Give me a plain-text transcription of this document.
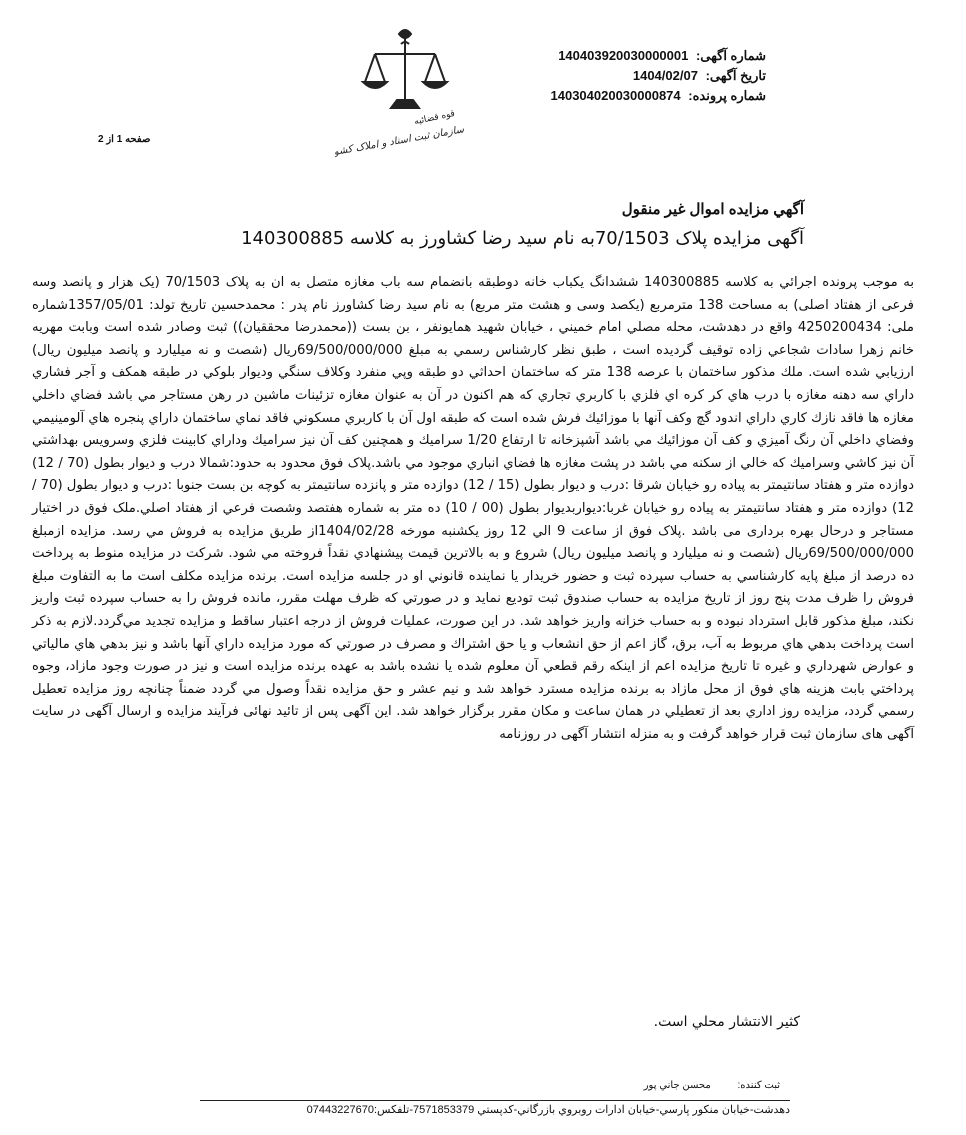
شماره آگهی: 140403920030000001
تاریخ آگهی: 1404/02/07
شماره پرونده: 140304020030000874
قوه قضائیه
سازمان ثبت اسناد و املاک کشور
صفحه 1 از 2
آگهي مزايده اموال غير منقول
آگهی مزایده پلاک 70/1503به نام سید رضا کشاورز به کلاسه 140300885

به موجب پرونده اجرائي به كلاسه 140300885 ششدانگ يكباب خانه دوطبقه بانضمام سه باب مغازه متصل به ان به پلاک 70/1503 (یک هزار و پانصد وسه فرعی از هفتاد اصلی) به مساحت 138 مترمربع (یکصد وسی و هشت متر مربع) به نام سید رضا کشاورز نام پدر : محمدحسین تاریخ تولد: 1357/05/01شماره ملی: 4250200434 واقع در دهدشت، محله مصلي امام خميني ، خيابان شهيد همايونفر ، بن بست ((محمدرضا محققيان)) ثبت وصادر شده است وبابت مهريه خانم زهرا سادات شجاعي زاده توقيف گرديده است ، طبق نظر كارشناس رسمي به مبلغ 69/500/000/000ريال (شصت و نه ميليارد و پانصد ميليون ريال) ارزيابي شده است. ملك مذكور ساختمان با عرصه 138 متر كه ساختمان احداثي دو طبقه وپي منفرد وكلاف سنگي وديوار بلوكي در طبقه همكف و آجر فشاري داراي سه دهنه مغازه با درب هاي كر كره اي فلزي با كاربري تجاري كه هم اكنون در آن به عنوان مغازه تزئينات ماشين در رهن مستاجر مي باشد فضاي داخلي مغازه ها فاقد نازك كاري داراي اندود گچ وكف آنها با موزائيك فرش شده است كه طبقه اول آن با كاربري مسكوني فاقد نماي ساختمان داراي پنجره هاي آلومينيمي وفضاي داخلي آن رنگ آميزي و كف آن موزائيك مي باشد آشپزخانه تا ارتفاع 1/20 سراميك و همچنين كف آن نيز سراميك وداراي كابينت فلزي وسرويس بهداشتي آن نيز كاشي وسراميك كه خالي از سكنه مي باشد در پشت مغازه ها فضاي انباري موجود مي باشد.پلاک فوق محدود به حدود:شمالا درب و ديوار بطول (70 / 12) دوازده متر و هفتاد سانتيمتر به پياده رو خيابان شرقا :درب و ديوار بطول (15 / 12) دوازده متر و پانزده سانتيمتر به كوچه بن بست جنوبا :درب و ديوار بطول (70 / 12) دوازده متر و هفتاد سانتيمتر به پياده رو خيابان غربا:ديواربديوار بطول (00 / 10) ده متر به شماره هفتصد وشصت فرعي از هفتاد اصلي.ملک فوق در اختیار مستاجر و درحال بهره برداری می باشد .پلاک فوق از ساعت 9 الي 12 روز يكشنبه مورخه 1404/02/28از طريق مزايده به فروش مي رسد. مزایده ازمبلغ 69/500/000/000ريال (شصت و نه ميليارد و پانصد ميليون ريال) شروع و به بالاترين قيمت پيشنهادي نقداً فروخته مي شود. شركت در مزايده منوط به پرداخت ده درصد از مبلغ پايه كارشناسي به حساب سپرده ثبت و حضور خريدار يا نماينده قانوني او در جلسه مزايده است. برنده مزايده مكلف است ما به التفاوت مبلغ فروش را ظرف مدت پنج روز از تاريخ مزايده به حساب صندوق ثبت توديع نمايد و در صورتي كه ظرف مهلت مقرر، مانده فروش را به حساب سپرده ثبت واريز نكند، مبلغ مذكور قابل استرداد نبوده و به حساب خزانه واريز خواهد شد. در اين صورت، عمليات فروش از درجه اعتبار ساقط و مزايده تجديد مي‌گردد.لازم به ذكر است پرداخت بدهي هاي مربوط به آب، برق، گاز اعم از حق انشعاب و يا حق اشتراك و مصرف در صورتي كه مورد مزايده داراي آنها باشد و نيز بدهي هاي مالياتي و عوارض شهرداري و غيره تا تاريخ مزايده اعم از اينكه رقم قطعي آن معلوم شده يا نشده باشد به عهده برنده مزايده است و نيز در صورت وجود مازاد، وجوه پرداختي بابت هزينه هاي فوق از محل مازاد به برنده مزايده مسترد خواهد شد و نيم عشر و حق مزايده نقداً وصول مي گردد ضمناً چنانچه روز مزايده تعطيل رسمي گردد، مزايده روز اداري بعد از تعطيلي در همان ساعت و مكان مقرر برگزار خواهد شد. این آگهی پس از تائید نهائی فرآیند مزایده و ارسال آگهی در سایت آگهی های سازمان ثبت قرار خواهد گرفت و به منزله انتشار آگهی در روزنامه

كثير الانتشار محلي است.
ثبت کننده: محسن جاني پور
دهدشت-خيابان منكور پارسي-خيابان ادارات روبروي بازرگاني-كدپستي 7571853379-تلفكس:07443227670
